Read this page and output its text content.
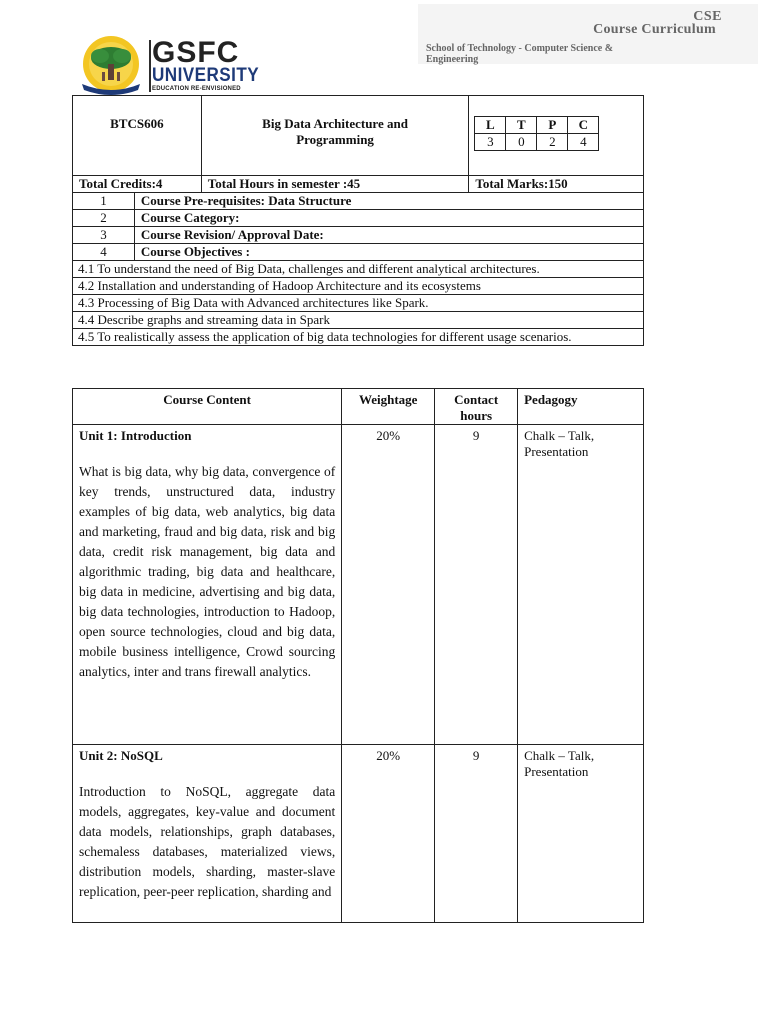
GSFC
UNIVERSITY
EDUCATION RE-ENVISIONED
CSE
Course Curriculum
School of Technology - Computer Science &
Engineering
BTCS606	Big Data Architecture and Programming	
L	T	P	C
3	0	2	4

Total Credits:4	Total Hours in semester :45	Total Marks:150
1	Course Pre-requisites: Data Structure
2	Course Category:
3	Course Revision/ Approval Date:
4	Course Objectives :
4.1 To understand the need of Big Data, challenges and different analytical architectures.
4.2 Installation and understanding of Hadoop Architecture and its ecosystems
4.3 Processing of Big Data with Advanced architectures like Spark.
4.4 Describe graphs and streaming data in Spark
4.5 To realistically assess the application of big data technologies for different usage scenarios.
Course Content	Weightage	Contact hours	Pedagogy

Unit 1: Introduction
What is big data, why big data, convergence of key trends, unstructured data, industry examples of big data, web analytics, big data and marketing, fraud and big data, risk and big data, credit risk management, big data and algorithmic trading, big data and healthcare, big data in medicine, advertising and big data, big data technologies, introduction to Hadoop, open source technologies, cloud and big data, mobile business intelligence, Crowd sourcing analytics, inter and trans firewall analytics.	20%	9	Chalk – Talk, Presentation

Unit 2: NoSQL
Introduction to NoSQL, aggregate data models, aggregates, key-value and document data models, relationships, graph databases, schemaless databases, materialized views, distribution models, sharding, master-slave replication, peer-peer replication, sharding and	20%	9	Chalk – Talk, Presentation
